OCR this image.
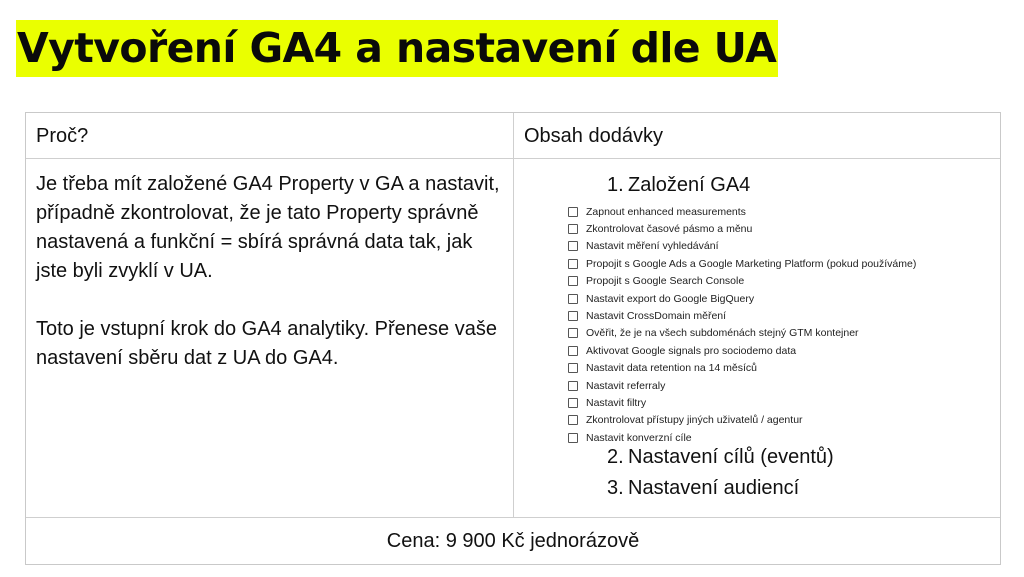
Vytvoření GA4 a nastavení dle UA
Proč?	Obsah dodávky

Je třeba mít založené GA4 Property v GA a nastavit, případně zkontrolovat, že je tato Property správně nastavená a funkční = sbírá správná data tak, jak jste byli zvyklí v UA.

Toto je vstupní krok do GA4 analytiky. Přenese vaše nastavení sběru dat z UA do GA4.

1. Založení GA4
Zapnout enhanced measurements
Zkontrolovat časové pásmo a měnu
Nastavit měření vyhledávání
Propojit s Google Ads a Google Marketing Platform (pokud používáme)
Propojit s Google Search Console
Nastavit export do Google BigQuery
Nastavit CrossDomain měření
Ověřit, že je na všech subdoménách stejný GTM kontejner
Aktivovat Google signals pro sociodemo data
Nastavit data retention na 14 měsíců
Nastavit referraly
Nastavit filtry
Zkontrolovat přístupy jiných uživatelů / agentur
Nastavit konverzní cíle
2. Nastavení cílů (eventů)
3. Nastavení audiencí
Cena: 9 900 Kč jednorázově
